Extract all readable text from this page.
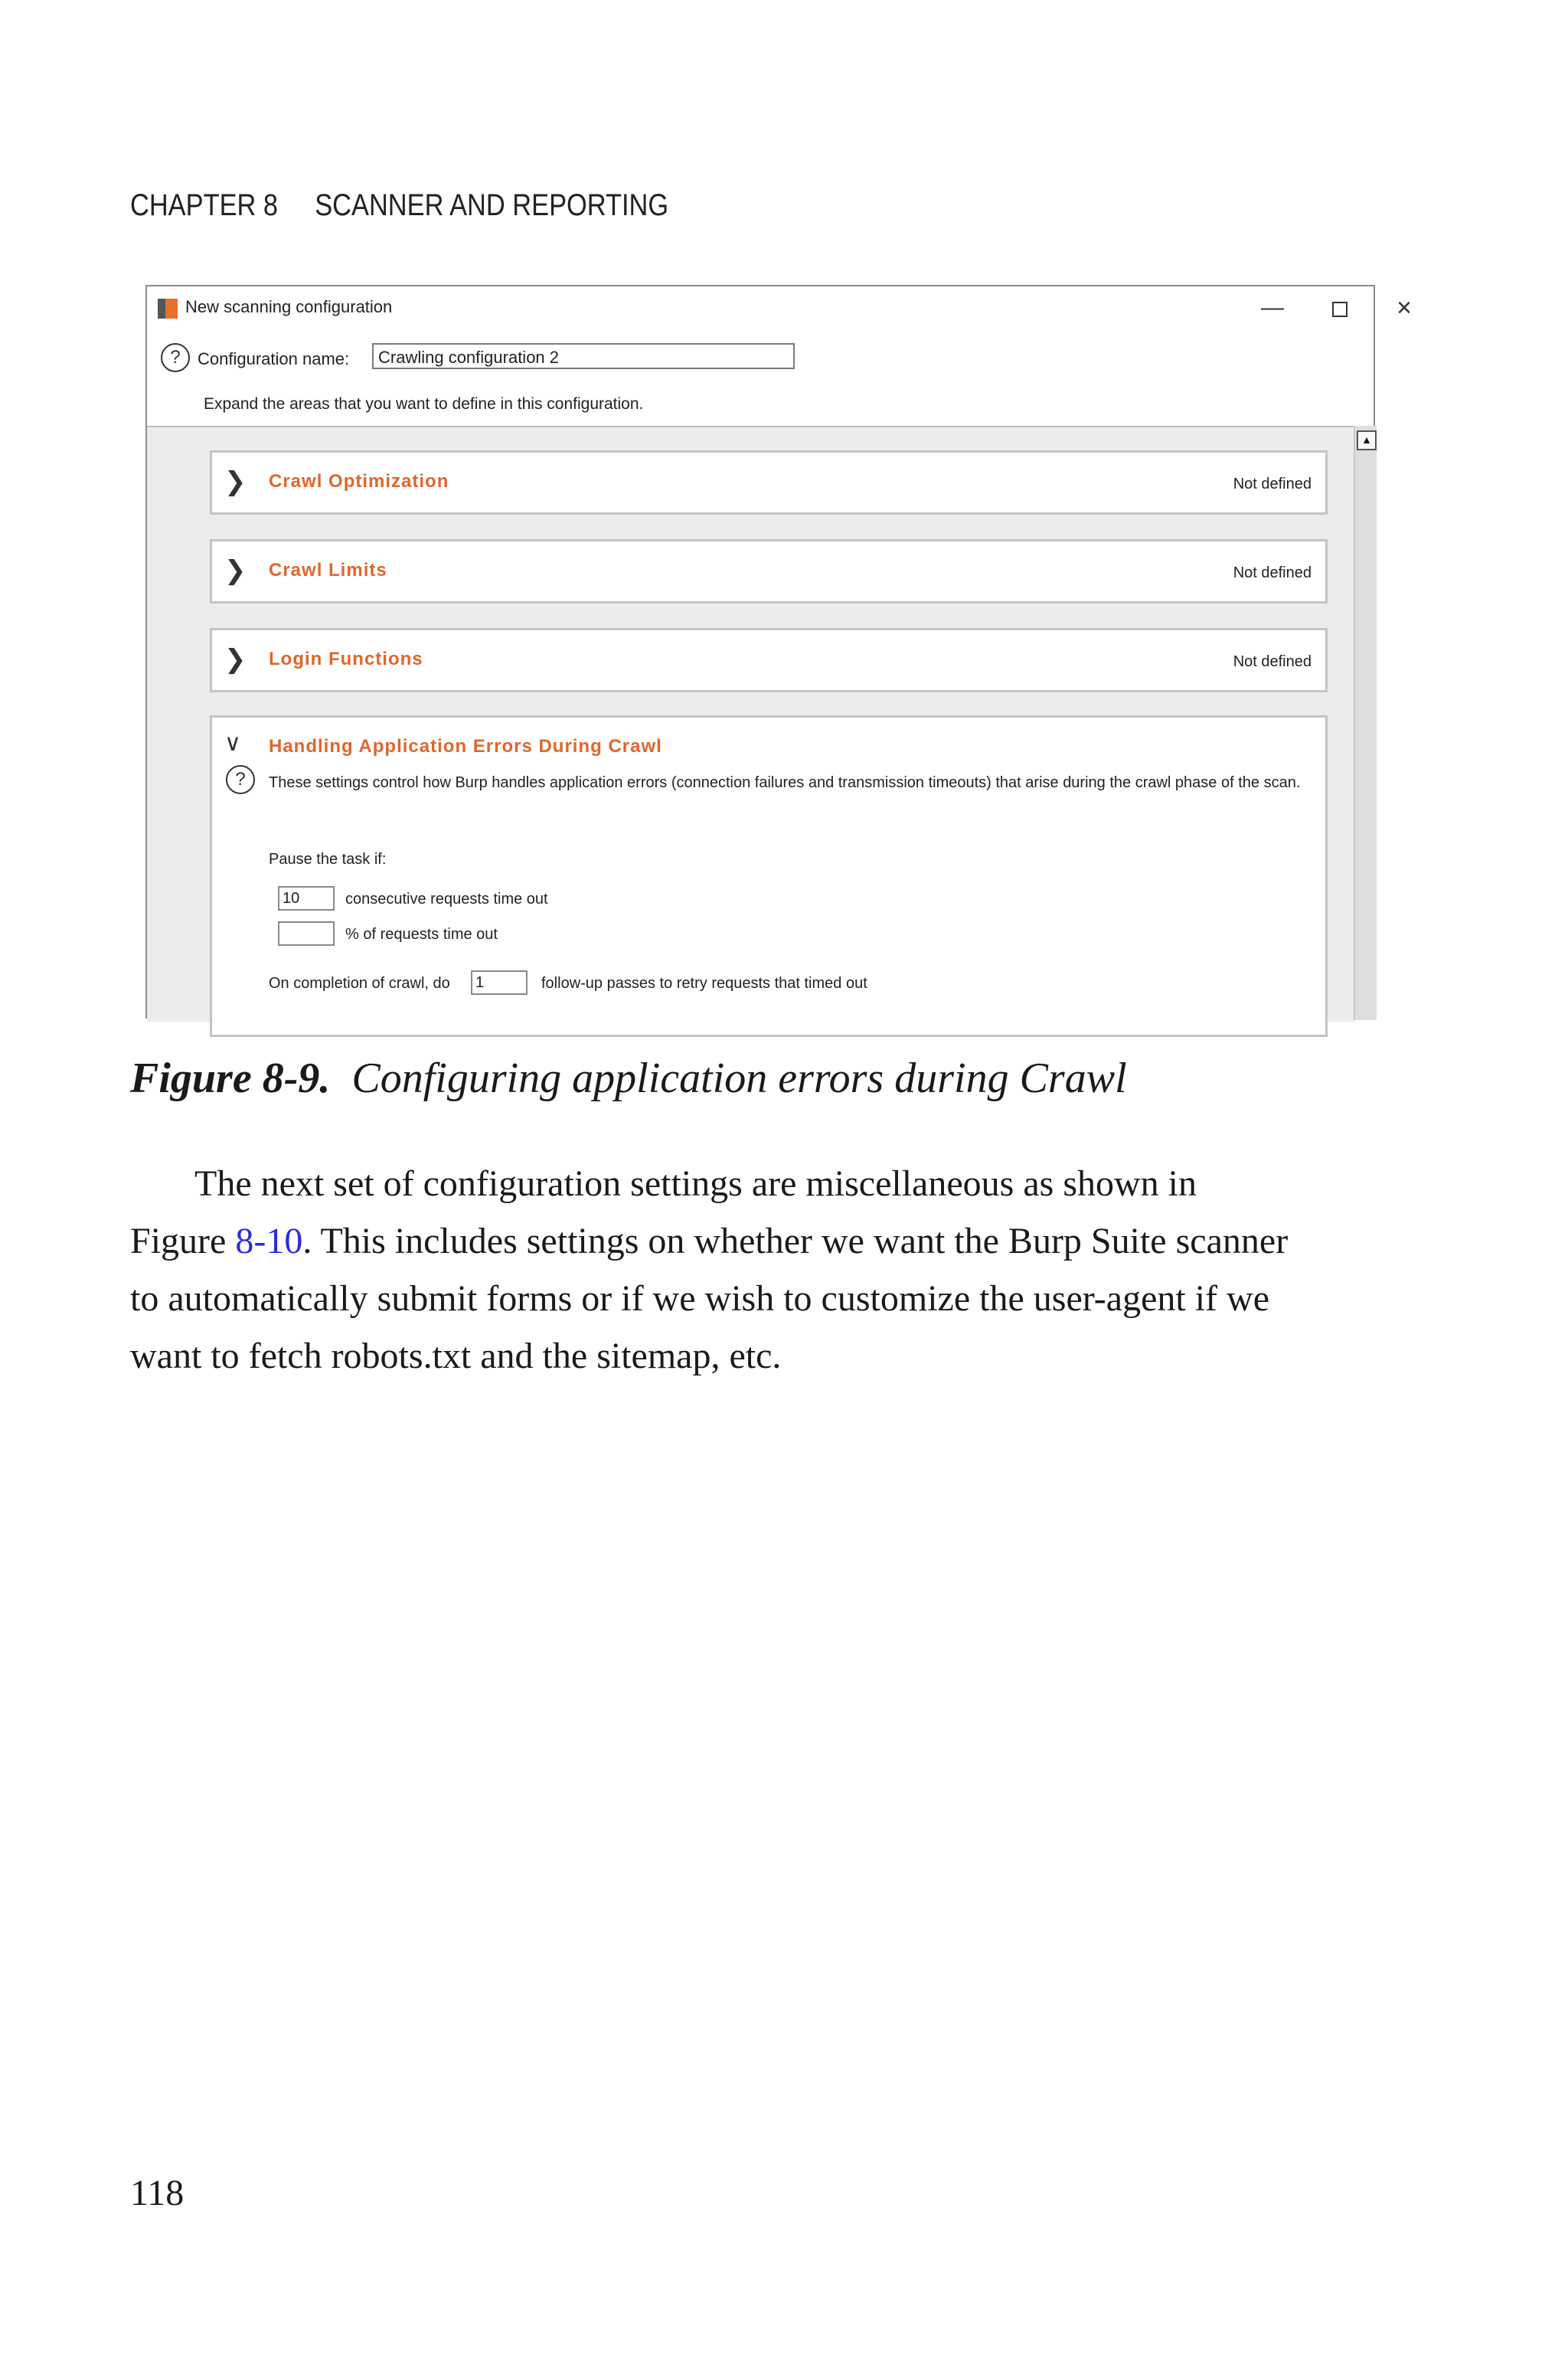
CHAPTER 8 SCANNER AND REPORTING
New scanning configuration	—	×
?	Configuration name:	Crawling configuration 2
Expand the areas that you want to define in this configuration.
❯ Crawl Optimization	Not defined
❯ Crawl Limits	Not defined
❯ Login Functions	Not defined
∨ Handling Application Errors During Crawl
?	These settings control how Burp handles application errors (connection failures and transmission timeouts) that arise during the crawl phase of the scan.
Pause the task if:
10	consecutive requests time out
% of requests time out
On completion of crawl, do	1	follow-up passes to retry requests that timed out
▲
Figure 8-9. Configuring application errors during Crawl
The next set of configuration settings are miscellaneous as shown in
Figure 8-10. This includes settings on whether we want the Burp Suite scanner
to automatically submit forms or if we wish to customize the user-agent if we
want to fetch robots.txt and the sitemap, etc.
118
